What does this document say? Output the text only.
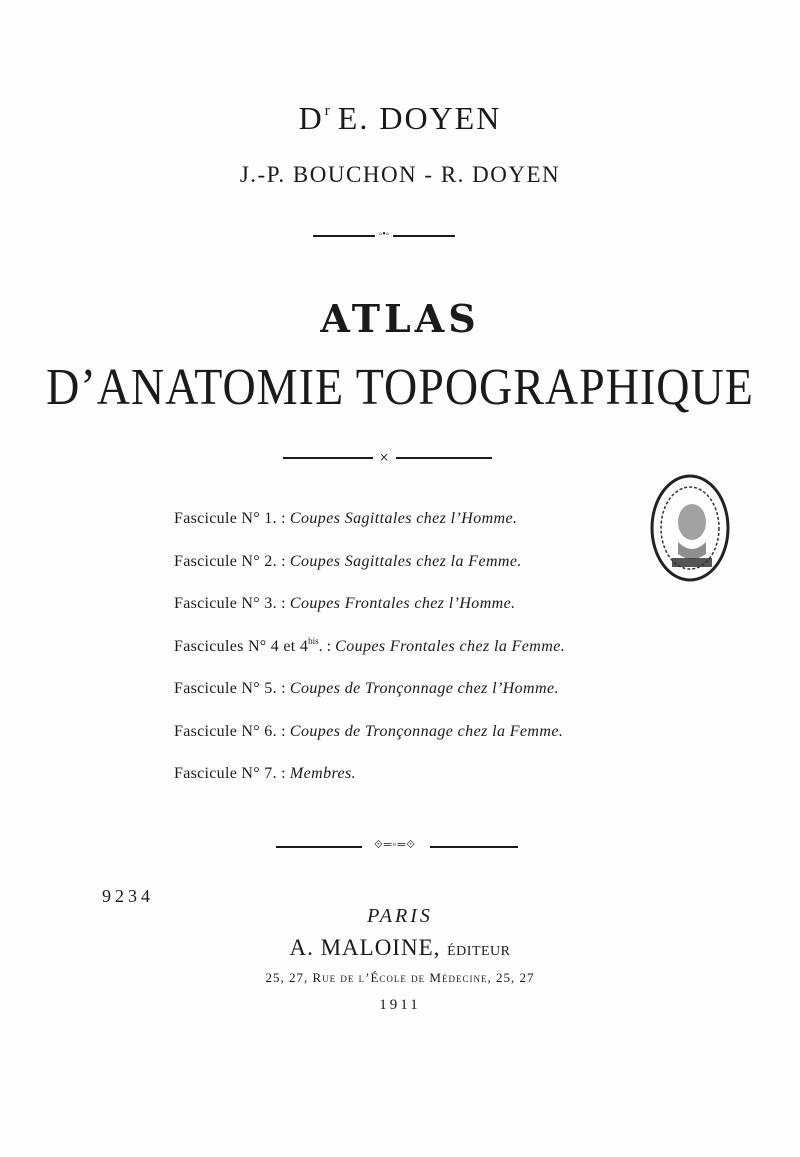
$D^r$ E. DOYEN
J.-P. BOUCHON - R. DOYEN
◦•◦
ATLAS
D’ANATOMIE TOPOGRAPHIQUE
⨯
Fascicule N° 1. : Coupes Sagittales chez l’Homme.
Fascicule N° 2. : Coupes Sagittales chez la Femme.
Fascicule N° 3. : Coupes Frontales chez l’Homme.
Fascicules N° 4 et $4^{bis}$. : Coupes Frontales chez la Femme.
Fascicule N° 5. : Coupes de Tronçonnage chez l’Homme.
Fascicule N° 6. : Coupes de Tronçonnage chez la Femme.
Fascicule N° 7. : Membres.
⟐═◦═⟐
9234
PARIS
A. MALOINE, ÉDITEUR
25, 27, Rue de l’École de Médecine, 25, 27
1911
